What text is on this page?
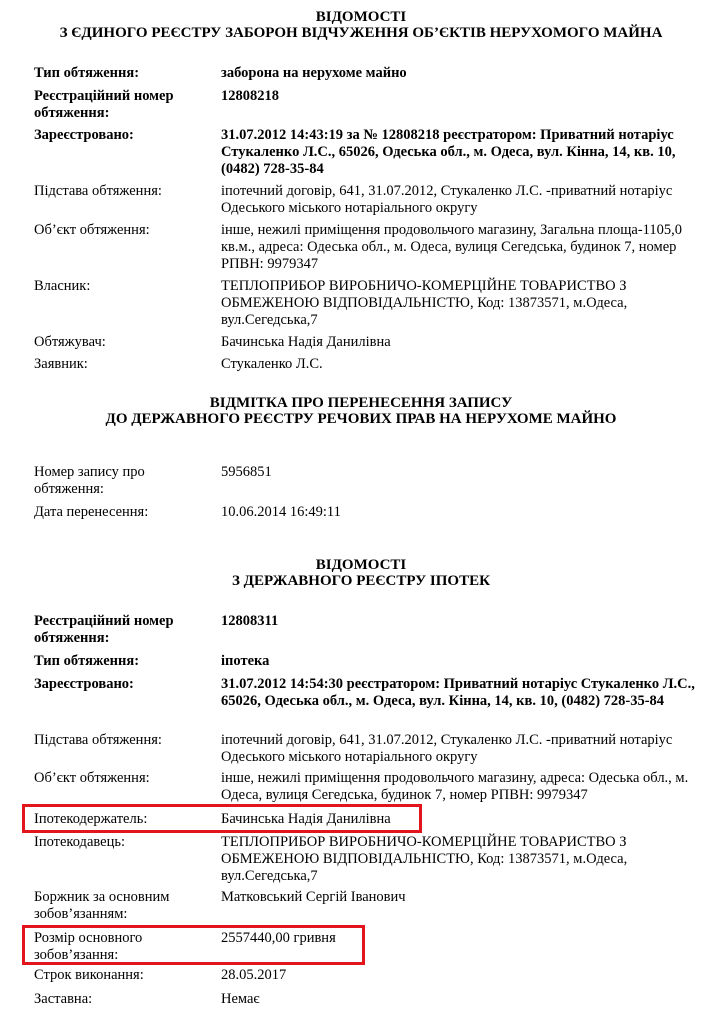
ВІДОМОСТІ
З ЄДИНОГО РЕЄСТРУ ЗАБОРОН ВІДЧУЖЕННЯ ОБ’ЄКТІВ НЕРУХОМОГО МАЙНА
Тип обтяження:	заборона на нерухоме майно
Реєстраційний номер обтяження:
12808218
Зареєстровано:	31.07.2012 14:43:19 за № 12808218 реєстратором: Приватний нотаріус Стукаленко Л.С., 65026, Одеська обл., м. Одеса, вул. Кінна, 14, кв. 10, (0482) 728-35-84
Підстава обтяження:	іпотечний договір, 641, 31.07.2012, Стукаленко Л.С. -приватний нотаріус Одеського міського нотаріального округу
Об’єкт обтяження:	інше, нежилі приміщення продовольчого магазину, Загальна площа-1105,0 кв.м., адреса: Одеська обл., м. Одеса, вулиця Сегедська, будинок 7, номер РПВН: 9979347
Власник:	ТЕПЛОПРИБОР ВИРОБНИЧО-КОМЕРЦІЙНЕ ТОВАРИСТВО З ОБМЕЖЕНОЮ ВІДПОВІДАЛЬНІСТЮ, Код: 13873571, м.Одеса, вул.Сегедська,7
Обтяжувач:	Бачинська Надія Данилівна
Заявник:	Стукаленко Л.С.
ВІДМІТКА ПРО ПЕРЕНЕСЕННЯ ЗАПИСУ
ДО ДЕРЖАВНОГО РЕЄСТРУ РЕЧОВИХ ПРАВ НА НЕРУХОМЕ МАЙНО
Номер запису про обтяження:
5956851
Дата перенесення:	10.06.2014 16:49:11
ВІДОМОСТІ
З ДЕРЖАВНОГО РЕЄСТРУ ІПОТЕК
Реєстраційний номер обтяження:
12808311
Тип обтяження:	іпотека
Зареєстровано:	31.07.2012 14:54:30 реєстратором: Приватний нотаріус Стукаленко Л.С., 65026, Одеська обл., м. Одеса, вул. Кінна, 14, кв. 10, (0482) 728-35-84
Підстава обтяження:	іпотечний договір, 641, 31.07.2012, Стукаленко Л.С. -приватний нотаріус Одеського міського нотаріального округу
Об’єкт обтяження:	інше, нежилі приміщення продовольчого магазину, адреса: Одеська обл., м. Одеса, вулиця Сегедська, будинок 7, номер РПВН: 9979347
Іпотекодержатель:	Бачинська Надія Данилівна
Іпотекодавець:	ТЕПЛОПРИБОР ВИРОБНИЧО-КОМЕРЦІЙНЕ ТОВАРИСТВО З ОБМЕЖЕНОЮ ВІДПОВІДАЛЬНІСТЮ, Код: 13873571, м.Одеса, вул.Сегедська,7
Боржник за основним зобов’язанням:
Матковський Сергій Іванович
Розмір основного зобов’язання:
2557440,00 гривня
Строк виконання:	28.05.2017
Заставна:	Немає
